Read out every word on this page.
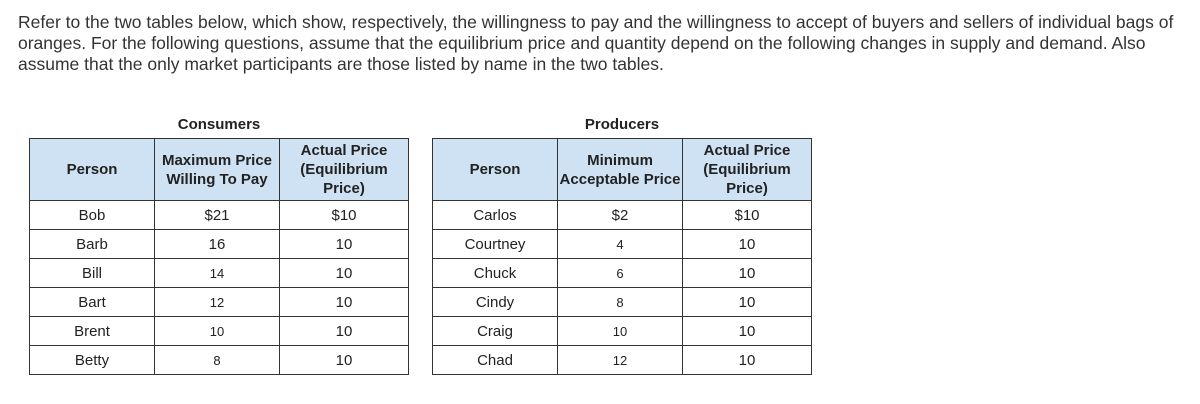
Refer to the two tables below, which show, respectively, the willingness to pay and the willingness to accept of buyers and sellers of individual bags of oranges. For the following questions, assume that the equilibrium price and quantity depend on the following changes in supply and demand. Also assume that the only market participants are those listed by name in the two tables.
Consumers
Person	Maximum Price Willing To Pay	Actual Price (Equilibrium Price)
Bob	$21	$10
Barb	16	10
Bill	14	10
Bart	12	10
Brent	10	10
Betty	8	10
Producers
Person	Minimum Acceptable Price	Actual Price (Equilibrium Price)
Carlos	$2	$10
Courtney	4	10
Chuck	6	10
Cindy	8	10
Craig	10	10
Chad	12	10
